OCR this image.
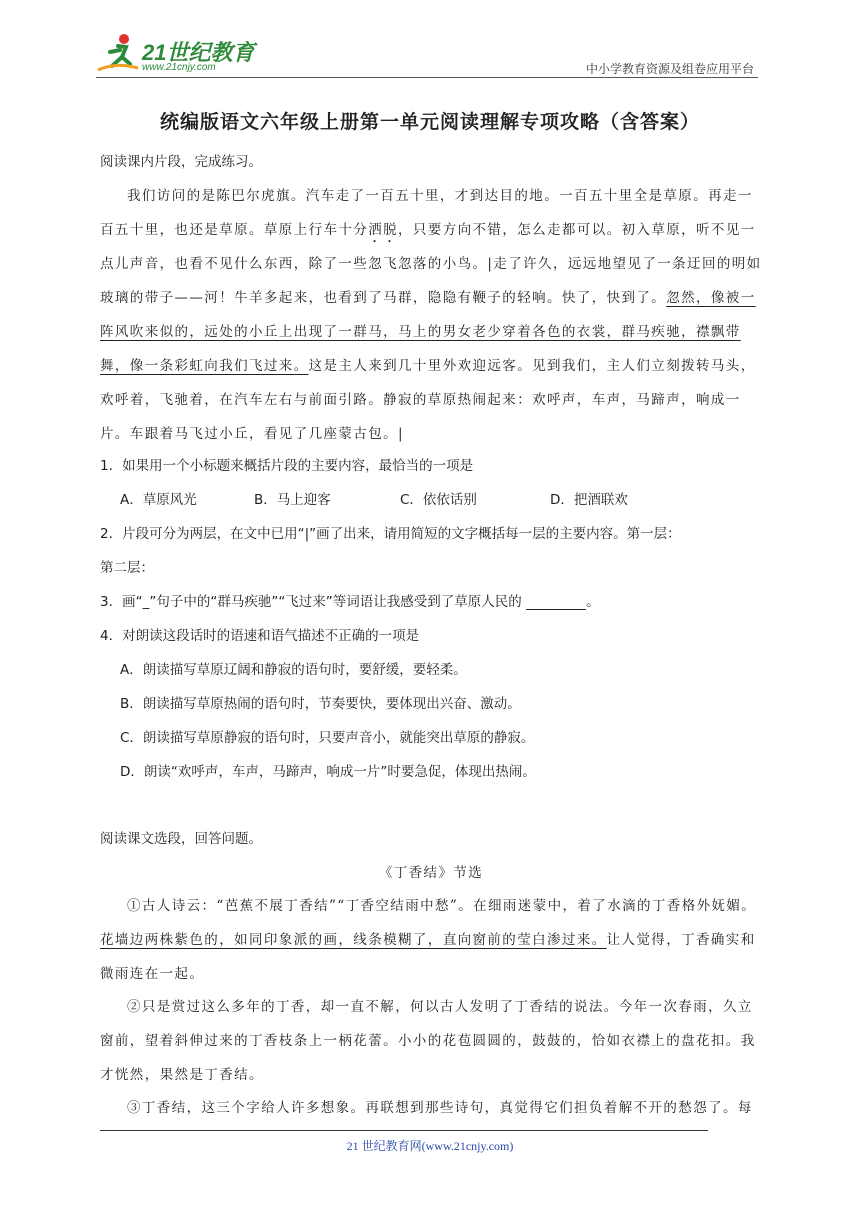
21世纪教育
www.21cnjy.com	中小学教育资源及组卷应用平台
统编版语文六年级上册第一单元阅读理解专项攻略（含答案）
阅读课内片段，完成练习。
我们访问的是陈巴尔虎旗。汽车走了一百五十里，才到达目的地。一百五十里全是草原。再走一百五十里，也还是草原。草原上行车十分洒脱，只要方向不错，怎么走都可以。初入草原，听不见一点儿声音，也看不见什么东西，除了一些忽飞忽落的小鸟。|走了许久，远远地望见了一条迂回的明如玻璃的带子——河！牛羊多起来，也看到了马群，隐隐有鞭子的轻响。快了，快到了。忽然，像被一阵风吹来似的，远处的小丘上出现了一群马，马上的男女老少穿着各色的衣裳，群马疾驰，襟飘带舞，像一条彩虹向我们飞过来。这是主人来到几十里外欢迎远客。见到我们，主人们立刻拨转马头，欢呼着，飞驰着，在汽车左右与前面引路。静寂的草原热闹起来：欢呼声，车声，马蹄声，响成一片。车跟着马飞过小丘，看见了几座蒙古包。|
1．如果用一个小标题来概括片段的主要内容，最恰当的一项是
A．草原风光	B．马上迎客	C．依依话别	D．把酒联欢
2．片段可分为两层，在文中已用“|”画了出来，请用简短的文字概括每一层的主要内容。第一层：
第二层：
3．画“_”句子中的“群马疾驰”“飞过来”等词语让我感受到了草原人民的	。
4．对朗读这段话时的语速和语气描述不正确的一项是
A．朗读描写草原辽阔和静寂的语句时，要舒缓，要轻柔。
B．朗读描写草原热闹的语句时，节奏要快，要体现出兴奋、激动。
C．朗读描写草原静寂的语句时，只要声音小，就能突出草原的静寂。
D．朗读“欢呼声，车声，马蹄声，响成一片”时要急促，体现出热闹。
阅读课文选段，回答问题。
《丁香结》节选
①古人诗云：“芭蕉不展丁香结”“丁香空结雨中愁”。在细雨迷蒙中，着了水滴的丁香格外妩媚。花墙边两株紫色的，如同印象派的画，线条模糊了，直向窗前的莹白渗过来。让人觉得，丁香确实和微雨连在一起。
②只是赏过这么多年的丁香，却一直不解，何以古人发明了丁香结的说法。今年一次春雨，久立窗前，望着斜伸过来的丁香枝条上一柄花蕾。小小的花苞圆圆的，鼓鼓的，恰如衣襟上的盘花扣。我才恍然，果然是丁香结。
③丁香结，这三个字给人许多想象。再联想到那些诗句，真觉得它们担负着解不开的愁怨了。每
21 世纪教育网(www.21cnjy.com)
